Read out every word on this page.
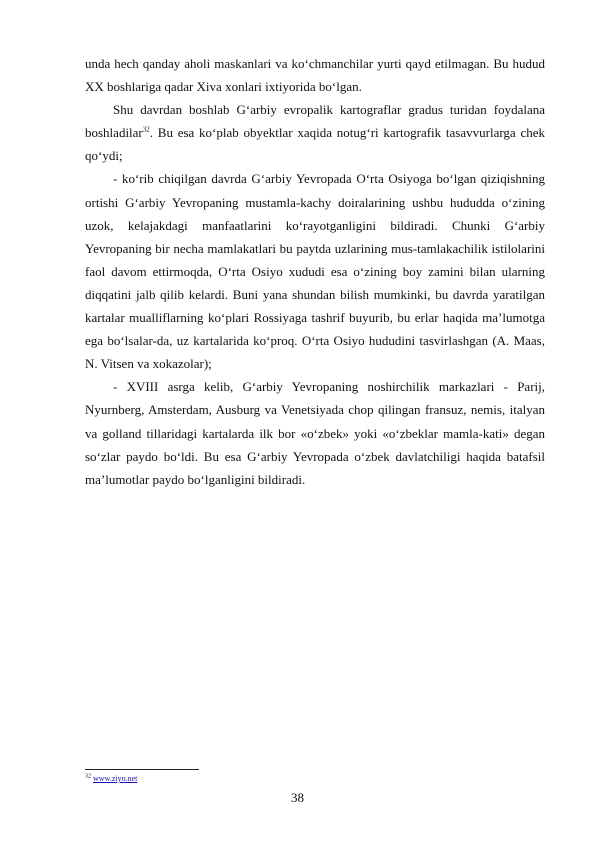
unda hech qanday aholi maskanlari va ko‘chmanchilar yurti qayd etilmagan. Bu hudud XX boshlariga qadar Xiva xonlari ixtiyorida bo‘lgan.

Shu davrdan boshlab G‘arbiy evropalik kartograflar gradus turidan foydalana boshladilar$^{32}$. Bu esa ko‘plab obyektlar xaqida notug‘ri kartografik tasavvurlarga chek qo‘ydi;

- ko‘rib chiqilgan davrda G‘arbiy Yevropada O‘rta Osiyoga bo‘lgan qiziqishning ortishi G‘arbiy Yevropaning mustamla-kachy doiralarining ushbu hududda o‘zining uzok, kelajakdagi manfaatlarini ko‘rayotganligini bildiradi. Chunki G‘arbiy Yevropaning bir necha mamlakatlari bu paytda uzlarining mus-tamlakachilik istilolarini faol davom ettirmoqda, O‘rta Osiyo xududi esa o‘zining boy zamini bilan ularning diqqatini jalb qilib kelardi. Buni yana shundan bilish mumkinki, bu davrda yaratilgan kartalar mualliflarning ko‘plari Rossiyaga tashrif buyurib, bu erlar haqida ma’lumotga ega bo‘lsalar-da, uz kartalarida ko‘proq. O‘rta Osiyo hududini tasvirlashgan (A. Maas, N. Vitsen va xokazolar);

- XVIII asrga kelib, G‘arbiy Yevropaning noshirchilik markazlari - Parij, Nyurnberg, Amsterdam, Ausburg va Venetsiyada chop qilingan fransuz, nemis, italyan va golland tillaridagi kartalarda ilk bor «o‘zbek» yoki «o‘zbeklar mamla-kati» degan so‘zlar paydo bo‘ldi. Bu esa G‘arbiy Yevropada o‘zbek davlatchiligi haqida batafsil ma’lumotlar paydo bo‘lganligini bildiradi.

$^{32}$ www.ziyo.net
38
